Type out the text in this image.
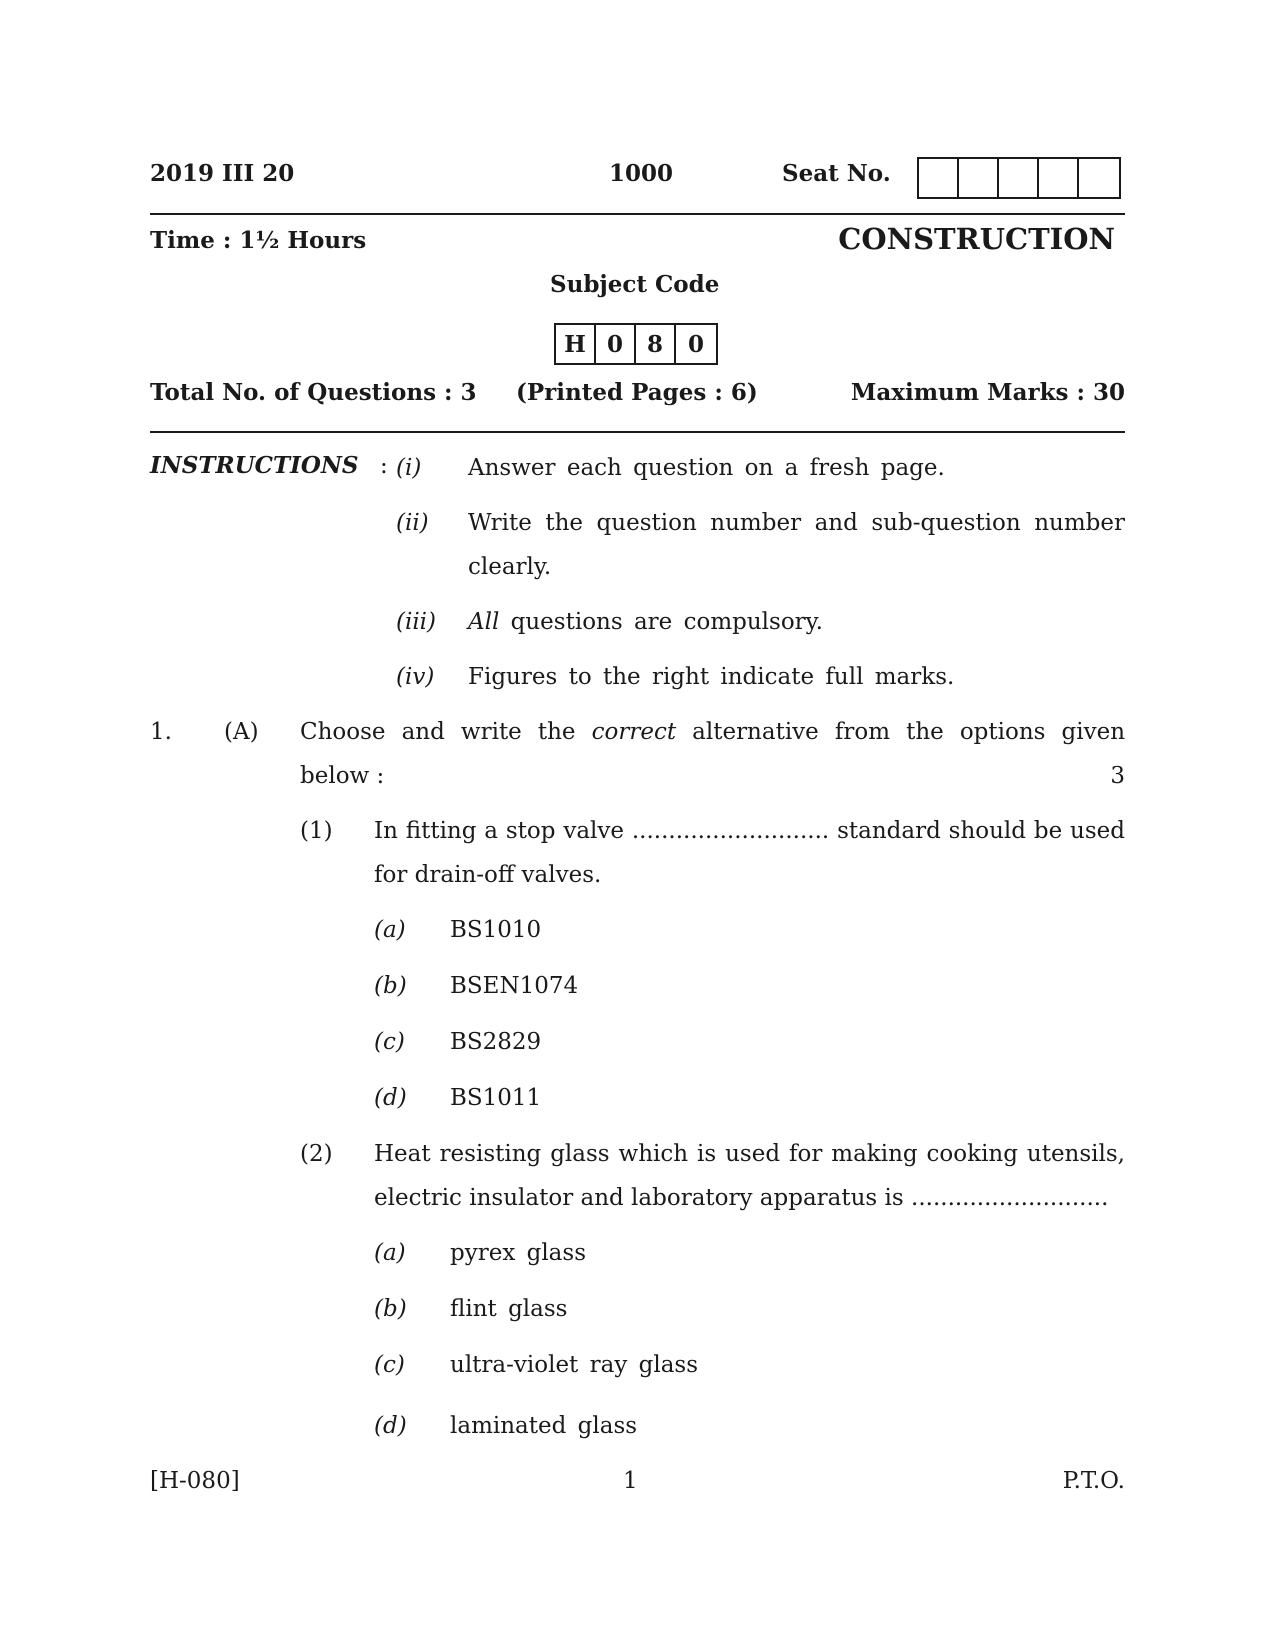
2019 III 20	1000	Seat No.
Time : 1½ Hours	CONSTRUCTION
Subject Code
H 0	8	0
Total No. of Questions : 3 (Printed Pages : 6)	Maximum Marks : 30
INSTRUCTIONS : (i) Answer each question on a fresh page.
(ii) Write the question number and sub-question number
clearly.
(iii) All questions are compulsory.
(iv) Figures to the right indicate full marks.
1. (A) Choose and write the correct alternative from the options given
below :	3
(1) In fitting a stop valve ........................... standard should be used
for drain-off valves.
(a) BS1010
(b) BSEN1074
(c) BS2829
(d) BS1011
(2) Heat resisting glass which is used for making cooking utensils,
electric insulator and laboratory apparatus is ...........................
(a) pyrex glass
(b) flint glass
(c) ultra-violet ray glass
(d) laminated glass
[H-080]	1	P.T.O.
